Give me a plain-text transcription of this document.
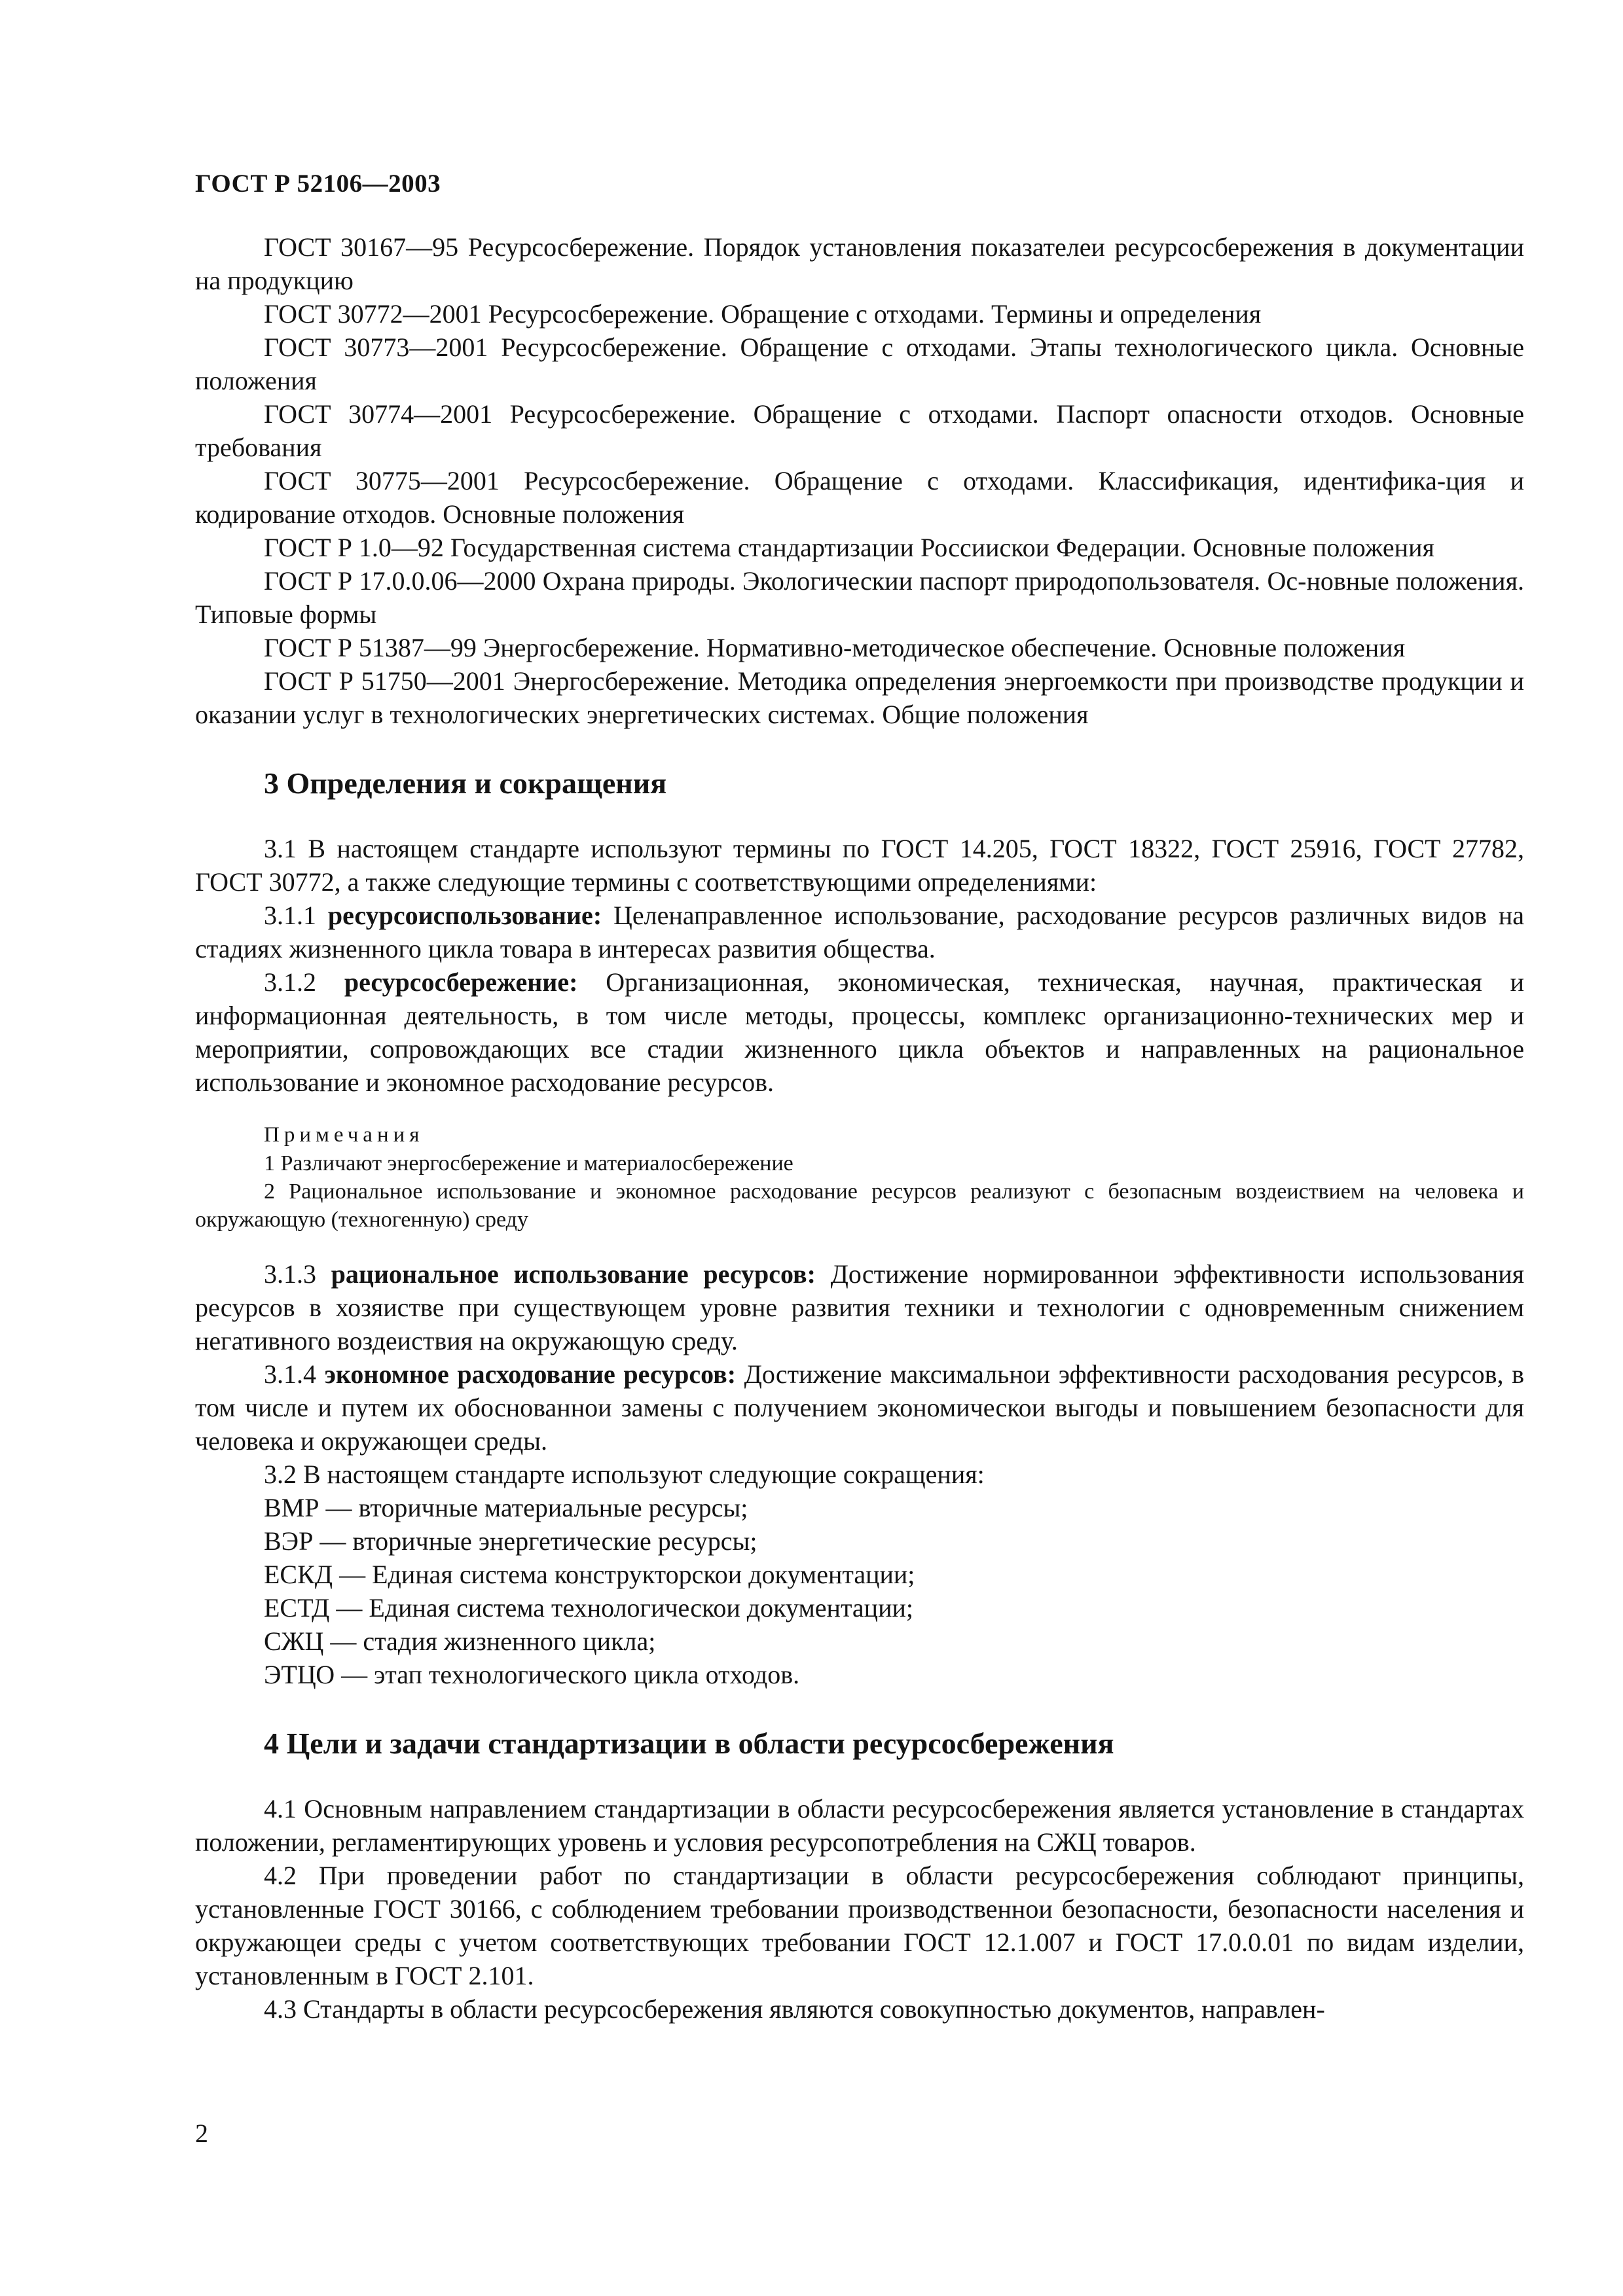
ГОСТ Р 52106—2003

ГОСТ 30167—95 Ресурсосбережение. Порядок установления показателеи ресурсосбережения в документации на продукцию

ГОСТ 30772—2001 Ресурсосбережение. Обращение с отходами. Термины и определения

ГОСТ 30773—2001 Ресурсосбережение. Обращение с отходами. Этапы технологического цикла. Основные положения

ГОСТ 30774—2001 Ресурсосбережение. Обращение с отходами. Паспорт опасности отходов. Основные требования

ГОСТ 30775—2001 Ресурсосбережение. Обращение с отходами. Классификация, идентифика-ция и кодирование отходов. Основные положения

ГОСТ Р 1.0—92 Государственная система стандартизации Россиискои Федерации. Основные положения

ГОСТ Р 17.0.0.06—2000 Охрана природы. Экологическии паспорт природопользователя. Ос-новные положения. Типовые формы

ГОСТ Р 51387—99 Энергосбережение. Нормативно-методическое обеспечение. Основные положения

ГОСТ Р 51750—2001 Энергосбережение. Методика определения энергоемкости при производстве продукции и оказании услуг в технологических энергетических системах. Общие положения

3 Определения и сокращения

3.1 В настоящем стандарте используют термины по ГОСТ 14.205, ГОСТ 18322, ГОСТ 25916, ГОСТ 27782, ГОСТ 30772, а также следующие термины с соответствующими определениями:

3.1.1 ресурсоиспользование: Целенаправленное использование, расходование ресурсов различных видов на стадиях жизненного цикла товара в интересах развития общества.

3.1.2 ресурсосбережение: Организационная, экономическая, техническая, научная, практическая и информационная деятельность, в том числе методы, процессы, комплекс организационно-технических мер и мероприятии, сопровождающих все стадии жизненного цикла объектов и направленных на рациональное использование и экономное расходование ресурсов.

Примечания

1 Различают энергосбережение и материалосбережение

2 Рациональное использование и экономное расходование ресурсов реализуют с безопасным воздеиствием на человека и окружающую (техногенную) среду

3.1.3 рациональное использование ресурсов: Достижение нормированнои эффективности использования ресурсов в хозяистве при существующем уровне развития техники и технологии с одновременным снижением негативного воздеиствия на окружающую среду.

3.1.4 экономное расходование ресурсов: Достижение максимальнои эффективности расходования ресурсов, в том числе и путем их обоснованнои замены с получением экономическои выгоды и повышением безопасности для человека и окружающеи среды.

3.2 В настоящем стандарте используют следующие сокращения:

ВМР — вторичные материальные ресурсы;

ВЭР — вторичные энергетические ресурсы;

ЕСКД — Единая система конструкторскои документации;

ЕСТД — Единая система технологическои документации;

СЖЦ — стадия жизненного цикла;

ЭТЦО — этап технологического цикла отходов.

4 Цели и задачи стандартизации в области ресурсосбережения

4.1 Основным направлением стандартизации в области ресурсосбережения является установление в стандартах положении, регламентирующих уровень и условия ресурсопотребления на СЖЦ товаров.

4.2 При проведении работ по стандартизации в области ресурсосбережения соблюдают принципы, установленные ГОСТ 30166, с соблюдением требовании производственнои безопасности, безопасности населения и окружающеи среды с учетом соответствующих требовании ГОСТ 12.1.007 и ГОСТ 17.0.0.01 по видам изделии, установленным в ГОСТ 2.101.

4.3 Стандарты в области ресурсосбережения являются совокупностью документов, направлен-

2
